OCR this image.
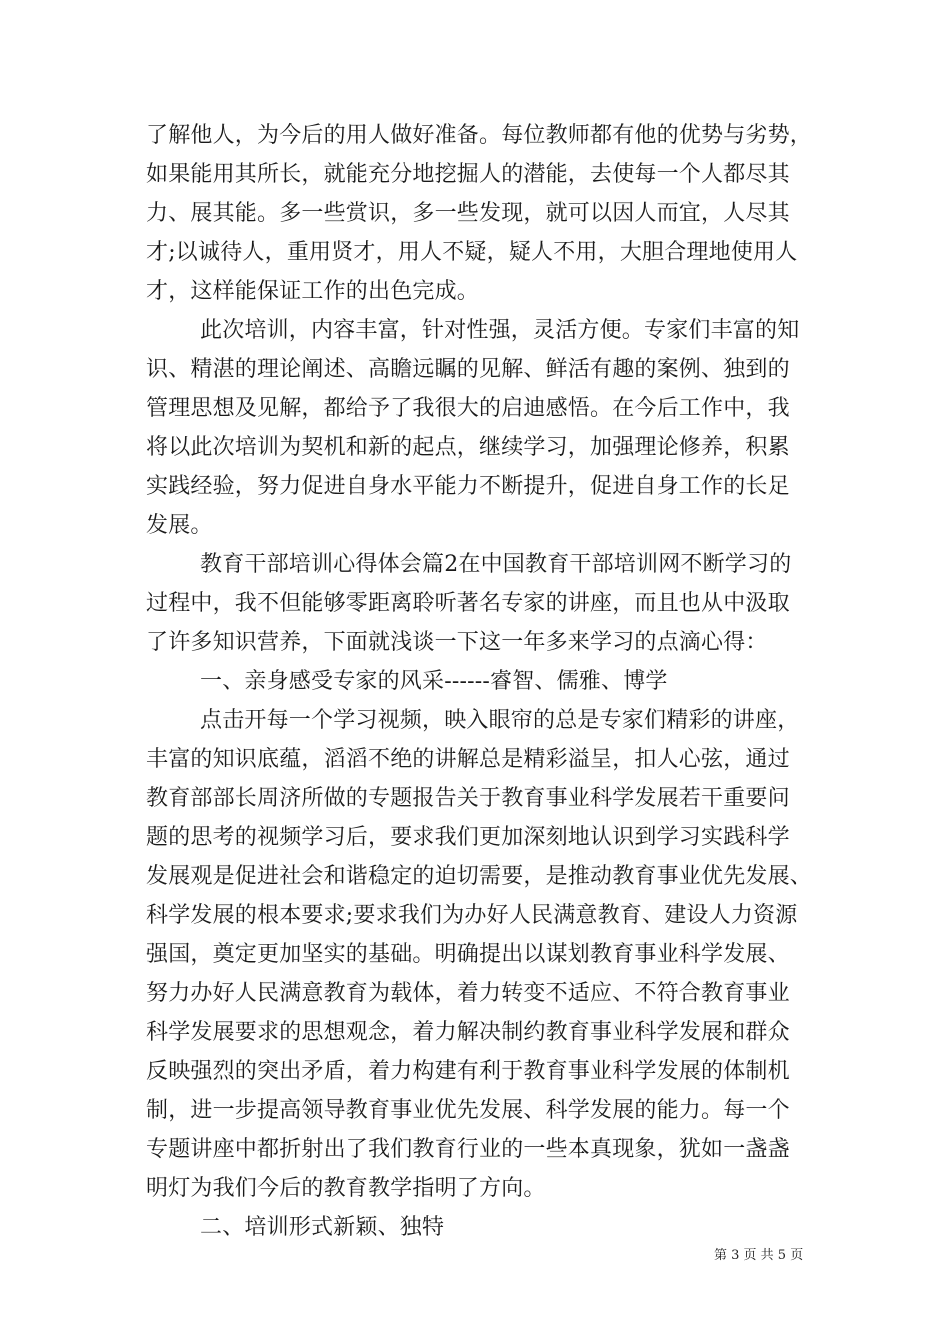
了解他人，为今后的用人做好准备。每位教师都有他的优势与劣势，

如果能用其所长，就能充分地挖掘人的潜能，去使每一个人都尽其

力、展其能。多一些赏识，多一些发现，就可以因人而宜，人尽其

才;以诚待人，重用贤才，用人不疑，疑人不用，大胆合理地使用人

才，这样能保证工作的出色完成。

此次培训，内容丰富，针对性强，灵活方便。专家们丰富的知

识、精湛的理论阐述、高瞻远瞩的见解、鲜活有趣的案例、独到的

管理思想及见解，都给予了我很大的启迪感悟。在今后工作中，我

将以此次培训为契机和新的起点，继续学习，加强理论修养，积累

实践经验，努力促进自身水平能力不断提升，促进自身工作的长足

发展。

教育干部培训心得体会篇2在中国教育干部培训网不断学习的

过程中，我不但能够零距离聆听著名专家的讲座，而且也从中汲取

了许多知识营养，下面就浅谈一下这一年多来学习的点滴心得：

一、亲身感受专家的风采------睿智、儒雅、博学

点击开每一个学习视频，映入眼帘的总是专家们精彩的讲座，

丰富的知识底蕴，滔滔不绝的讲解总是精彩溢呈，扣人心弦，通过

教育部部长周济所做的专题报告关于教育事业科学发展若干重要问

题的思考的视频学习后，要求我们更加深刻地认识到学习实践科学

发展观是促进社会和谐稳定的迫切需要，是推动教育事业优先发展、

科学发展的根本要求;要求我们为办好人民满意教育、建设人力资源

强国，奠定更加坚实的基础。明确提出以谋划教育事业科学发展、

努力办好人民满意教育为载体，着力转变不适应、不符合教育事业

科学发展要求的思想观念，着力解决制约教育事业科学发展和群众

反映强烈的突出矛盾，着力构建有利于教育事业科学发展的体制机

制，进一步提高领导教育事业优先发展、科学发展的能力。每一个

专题讲座中都折射出了我们教育行业的一些本真现象，犹如一盏盏

明灯为我们今后的教育教学指明了方向。

二、培训形式新颖、独特

第 3 页 共 5 页
